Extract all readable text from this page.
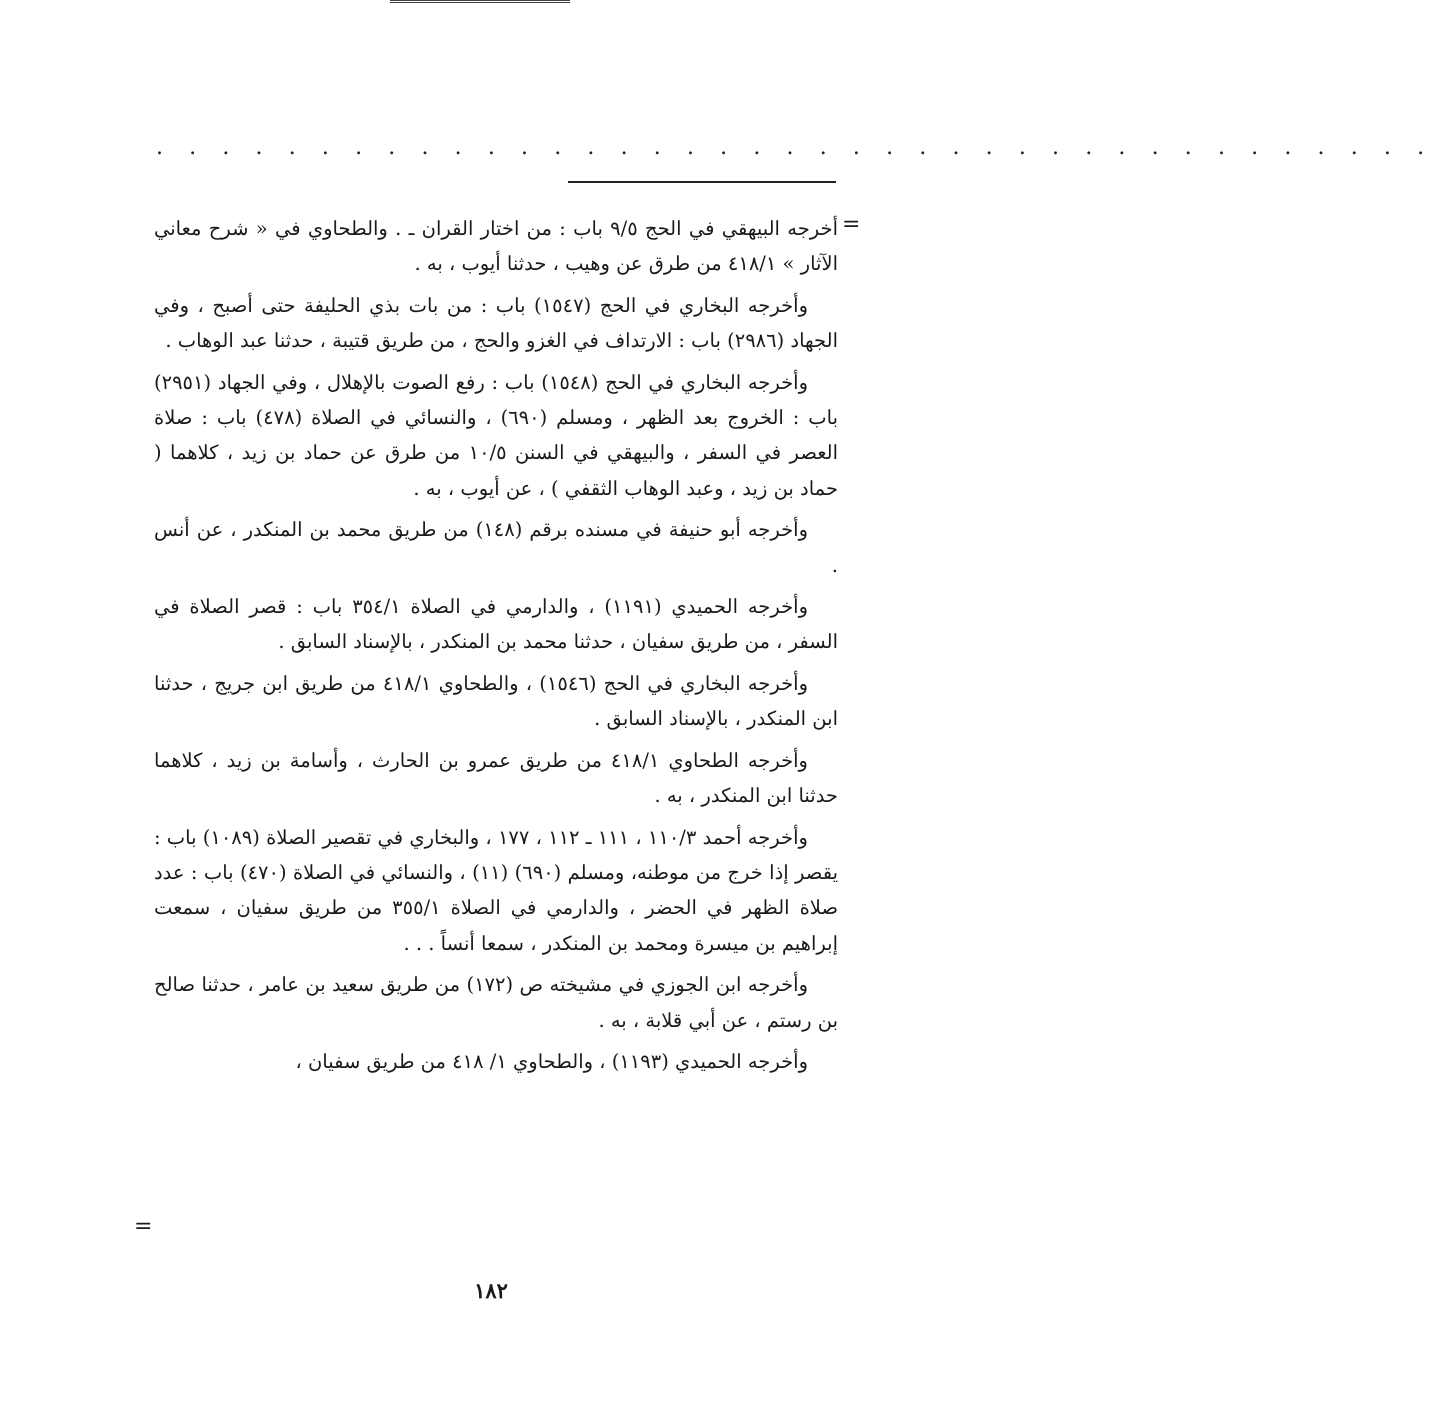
. . . . . . . . . . . . . . . . . . . . . . . . . . . . . . . . . . . . . . .
=

أخرجه البيهقي في الحج ٩/٥ باب : من اختار القران ـ . والطحاوي في « شرح معاني الآثار » ٤١٨/١ من طرق عن وهيب ، حدثنا أيوب ، به .

وأخرجه البخاري في الحج (١٥٤٧) باب : من بات بذي الحليفة حتى أصبح ، وفي الجهاد (٢٩٨٦) باب : الارتداف في الغزو والحج ، من طريق قتيبة ، حدثنا عبد الوهاب .

وأخرجه البخاري في الحج (١٥٤٨) باب : رفع الصوت بالإهلال ، وفي الجهاد (٢٩٥١) باب : الخروج بعد الظهر ، ومسلم (٦٩٠) ، والنسائي في الصلاة (٤٧٨) باب : صلاة العصر في السفر ، والبيهقي في السنن ١٠/٥ من طرق عن حماد بن زيد ، كلاهما ( حماد بن زيد ، وعبد الوهاب الثقفي ) ، عن أيوب ، به .

وأخرجه أبو حنيفة في مسنده برقم (١٤٨) من طريق محمد بن المنكدر ، عن أنس .

وأخرجه الحميدي (١١٩١) ، والدارمي في الصلاة ٣٥٤/١ باب : قصر الصلاة في السفر ، من طريق سفيان ، حدثنا محمد بن المنكدر ، بالإسناد السابق .

وأخرجه البخاري في الحج (١٥٤٦) ، والطحاوي ٤١٨/١ من طريق ابن جريج ، حدثنا ابن المنكدر ، بالإسناد السابق .

وأخرجه الطحاوي ٤١٨/١ من طريق عمرو بن الحارث ، وأسامة بن زيد ، كلاهما حدثنا ابن المنكدر ، به .

وأخرجه أحمد ١١٠/٣ ، ١١١ ـ ١١٢ ، ١٧٧ ، والبخاري في تقصير الصلاة (١٠٨٩) باب : يقصر إذا خرج من موطنه، ومسلم (٦٩٠) (١١) ، والنسائي في الصلاة (٤٧٠) باب : عدد صلاة الظهر في الحضر ، والدارمي في الصلاة ٣٥٥/١ من طريق سفيان ، سمعت إبراهيم بن ميسرة ومحمد بن المنكدر ، سمعا أنساً . . .

وأخرجه ابن الجوزي في مشيخته ص (١٧٢) من طريق سعيد بن عامر ، حدثنا صالح بن رستم ، عن أبي قلابة ، به .

وأخرجه الحميدي (١١٩٣) ، والطحاوي ١/ ٤١٨ من طريق سفيان ،

=
١٨٢
